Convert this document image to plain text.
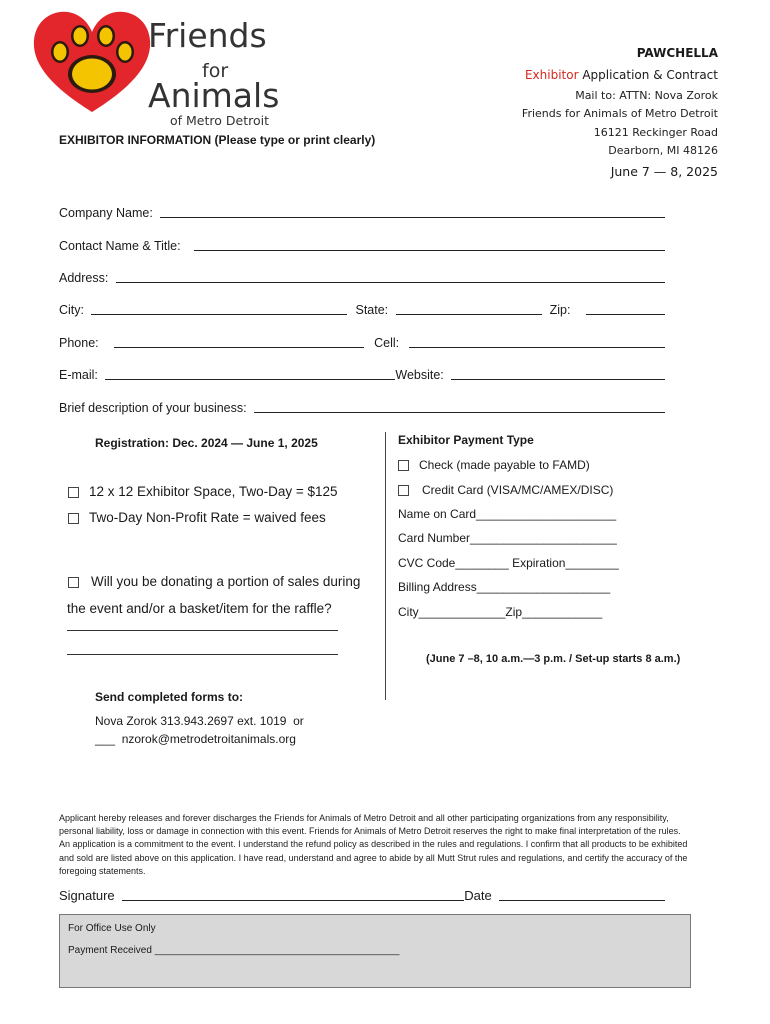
Friends
for
Animals
of Metro Detroit
PAWCHELLA
Exhibitor Application & Contract
Mail to: ATTN: Nova Zorok
Friends for Animals of Metro Detroit
16121 Reckinger Road
Dearborn, MI 48126
June 7 — 8, 2025
EXHIBITOR INFORMATION (Please type or print clearly)
Company Name:
Contact Name & Title:
Address:
City:	State:	Zip:
Phone:	Cell:
E-mail:	Website:
Brief description of your business:
Registration: Dec. 2024 — June 1, 2025
12 x 12 Exhibitor Space, Two-Day = $125
Two-Day Non-Profit Rate = waived fees
Will you be donating a portion of sales during
the event and/or a basket/item for the raffle?
Exhibitor Payment Type
Check (made payable to FAMD)
Credit Card (VISA/MC/AMEX/DISC)
Name on Card_____________________
Card Number______________________
CVC Code________ Expiration________
Billing Address____________________
City_____________Zip____________
(June 7 –8, 10 a.m.—3 p.m. / Set-up starts 8 a.m.)
Send completed forms to:
Nova Zorok 313.943.2697 ext. 1019  or
___  nzorok@metrodetroitanimals.org
Applicant hereby releases and forever discharges the Friends for Animals of Metro Detroit and all other participating organizations from any responsibility, personal liability, loss or damage in connection with this event. Friends for Animals of Metro Detroit reserves the right to make final interpretation of the rules. An application is a commitment to the event. I understand the refund policy as described in the rules and regulations. I confirm that all products to be exhibited and sold are listed above on this application. I have read, understand and agree to abide by all Mutt Strut rules and regulations, and certify the accuracy of the foregoing statements.
Signature	Date
For Office Use Only
Payment Received ____________________________________________
